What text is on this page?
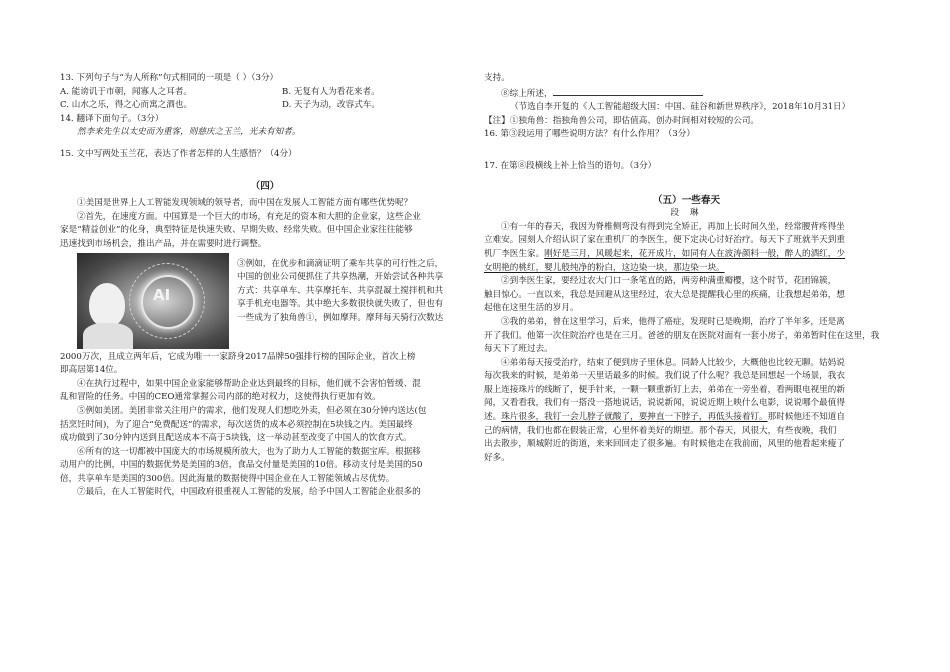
13. 下列句子与“为人所称”句式相同的一项是（ ）（3分）
A. 能谤讥于市朝，闻寡人之耳者。	B. 无复有人为看花来者。
C. 山水之乐，得之心而寓之酒也。	D. 天子为动，改容式车。
14. 翻译下面句子。（3分）
然李来先生以太史而为重客，则慈庆之玉兰，光未有知者。
15. 文中写两处玉兰花，表达了作者怎样的人生感悟？（4分）
（四）
①美国是世界上人工智能发现领域的领导者，而中国在发展人工智能方面有哪些优势呢？
②首先，在速度方面。中国算是一个巨大的市场，有充足的资本和大胆的企业家，这些企业
家是“精益创业”的化身，典型特征是快速失败、早期失败、经常失败。但中国企业家往往能够
迅速找到市场机会，推出产品，并在需要时进行调整。
AI
③例如，在优步和滴滴证明了乘车共享的可行性之后，
中国的创业公司便抓住了共享热潮，开始尝试各种共享
方式：共享单车、共享摩托车、共享混凝土搅拌机和共
享手机充电器等。其中绝大多数很快就失败了，但也有
一些成为了独角兽①，例如摩拜。摩拜每天骑行次数达
2000万次，且成立两年后，它成为唯一一家跻身2017品牌50强排行榜的国际企业，首次上榜
即高居第14位。
④在执行过程中，如果中国企业家能够帮助企业达到最终的目标，他们就不会害怕暂缓、混
乱和冒险的任务。中国的CEO通常掌握公司内部的绝对权力，这使得执行更加有效。
⑤例如美团。美团非常关注用户的需求，他们发现人们想吃外卖，但必须在30分钟内送达(包
括烹饪时间)，为了迎合“免费配送”的需求，每次送货的成本必须控制在5块钱之内。美国最终
成功做到了30分钟内送到且配送成本不高于5块钱，这一举动甚至改变了中国人的饮食方式。
⑥所有的这一切都被中国庞大的市场规模所放大，也为了助力人工智能的数据宝库。根据移
动用户的比例，中国的数据优势是美国的3倍，食品交付量是美国的10倍。移动支付是美国的50
倍，共享单车是美国的300倍。因此海量的数据使得中国企业在人工智能领域占尽优势。
⑦最后，在人工智能时代，中国政府很重视人工智能的发展，给予中国人工智能企业很多的
支持。
⑧综上所述，
（节选自李开复的《人工智能超级大国：中国、硅谷和新世界秩序》，2018年10月31日）
【注】①独角兽：指独角兽公司，即估值高、创办时间相对较短的公司。
16. 第③段运用了哪些说明方法？有什么作用？（3分）
17. 在第⑧段横线上补上恰当的语句。（3分）
（五）一些春天
段 琳
①有一年的春天，我因为脊椎侧弯没有得到完全矫正，再加上长时间久坐，经常腰背疼得坐
立难安。园刻人介绍认识了家在重机厂的李医生，便下定决心讨好治疗。每天下了班就半天到重
机厂李医生家。刚好是三月，风暖起来，花开成片，如同有人在波涛颜料一般，醉人的酒红，少
女明艳的桃红，婴儿般纯净的粉白，这边染一块，那边染一块。
②到李医生家，要经过农大门口一条笔直的路，两旁种满重瓣樱，这个时节，花团锦簇，
触目惊心。一直以来，我总是回避从这里经过，农大总是提醒我心里的疾痛，让我想起弟弟，想
起他在这里生活的岁月。
③我的弟弟，曾在这里学习，后来，他得了癌症，发现时已是晚期，治疗了半年多，还是离
开了我们。他第一次住院治疗也是在三月。爸爸的朋友在医院对面有一套小房子，弟弟暂时住在这里，我
每天下了班过去。
④弟弟每天接受治疗，结束了便到房子里休息。同龄人比较少，大概他也比较无聊。姑妈说
每次我来的时候，是弟弟一天里话最多的时候。我们说了什么呢？我总是回想起一个场景，我衣
服上连接珠片的线断了，便手针来，一颗一颗重新钉上去，弟弟在一旁坐着，看两眼电视里的新
闻，又看看我，我们有一搭没一搭地说话，说说新闻，说说近期上映什么电影，说说哪个最值得
述。珠片很多，我钉一会儿脖子就酸了，要抻直一下脖子，再低头接着钉。那时候他还不知道自
己的病情，我们也都在假装正常，心里怀着美好的期望。那个春天，风很大，有些夜晚，我们
出去散步，顺城附近的街道，来来回回走了很多遍。有时候他走在我前面，风里的他看起来瘦了
好多。
